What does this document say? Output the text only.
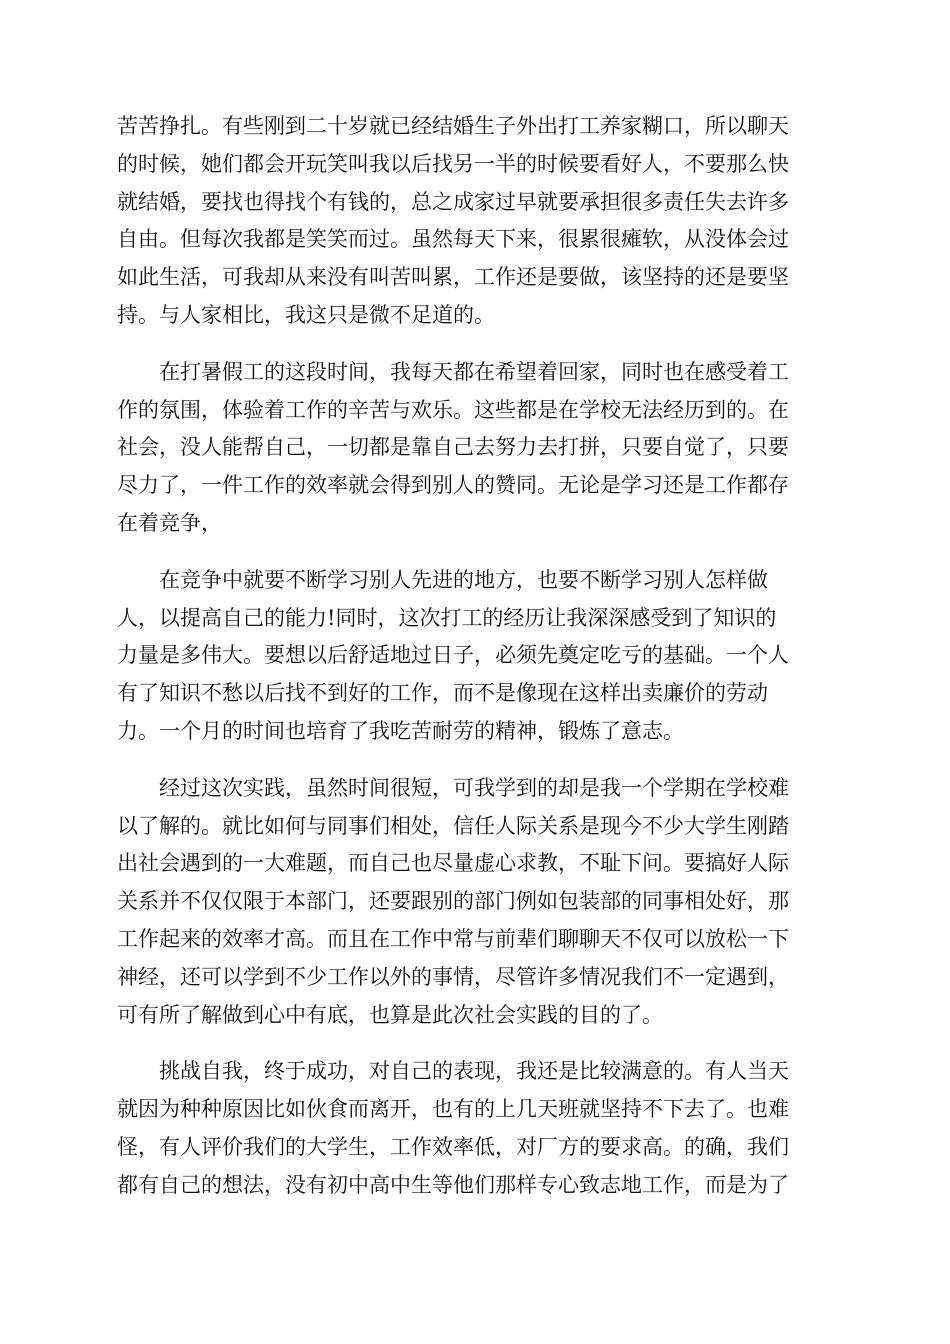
苦苦挣扎。有些刚到二十岁就已经结婚生子外出打工养家糊口，所以聊天
的时候，她们都会开玩笑叫我以后找另一半的时候要看好人，不要那么快
就结婚，要找也得找个有钱的，总之成家过早就要承担很多责任失去许多
自由。但每次我都是笑笑而过。虽然每天下来，很累很瘫软，从没体会过
如此生活，可我却从来没有叫苦叫累，工作还是要做，该坚持的还是要坚
持。与人家相比，我这只是微不足道的。

　　在打暑假工的这段时间，我每天都在希望着回家，同时也在感受着工
作的氛围，体验着工作的辛苦与欢乐。这些都是在学校无法经历到的。在
社会，没人能帮自己，一切都是靠自己去努力去打拼，只要自觉了，只要
尽力了，一件工作的效率就会得到别人的赞同。无论是学习还是工作都存
在着竞争，

　　在竞争中就要不断学习别人先进的地方，也要不断学习别人怎样做
人，以提高自己的能力!同时，这次打工的经历让我深深感受到了知识的
力量是多伟大。要想以后舒适地过日子，必须先奠定吃亏的基础。一个人
有了知识不愁以后找不到好的工作，而不是像现在这样出卖廉价的劳动
力。一个月的时间也培育了我吃苦耐劳的精神，锻炼了意志。

　　经过这次实践，虽然时间很短，可我学到的却是我一个学期在学校难
以了解的。就比如何与同事们相处，信任人际关系是现今不少大学生刚踏
出社会遇到的一大难题，而自己也尽量虚心求教，不耻下问。要搞好人际
关系并不仅仅限于本部门，还要跟别的部门例如包装部的同事相处好，那
工作起来的效率才高。而且在工作中常与前辈们聊聊天不仅可以放松一下
神经，还可以学到不少工作以外的事情，尽管许多情况我们不一定遇到，
可有所了解做到心中有底，也算是此次社会实践的目的了。

　　挑战自我，终于成功，对自己的表现，我还是比较满意的。有人当天
就因为种种原因比如伙食而离开，也有的上几天班就坚持不下去了。也难
怪，有人评价我们的大学生，工作效率低，对厂方的要求高。的确，我们
都有自己的想法，没有初中高中生等他们那样专心致志地工作，而是为了
